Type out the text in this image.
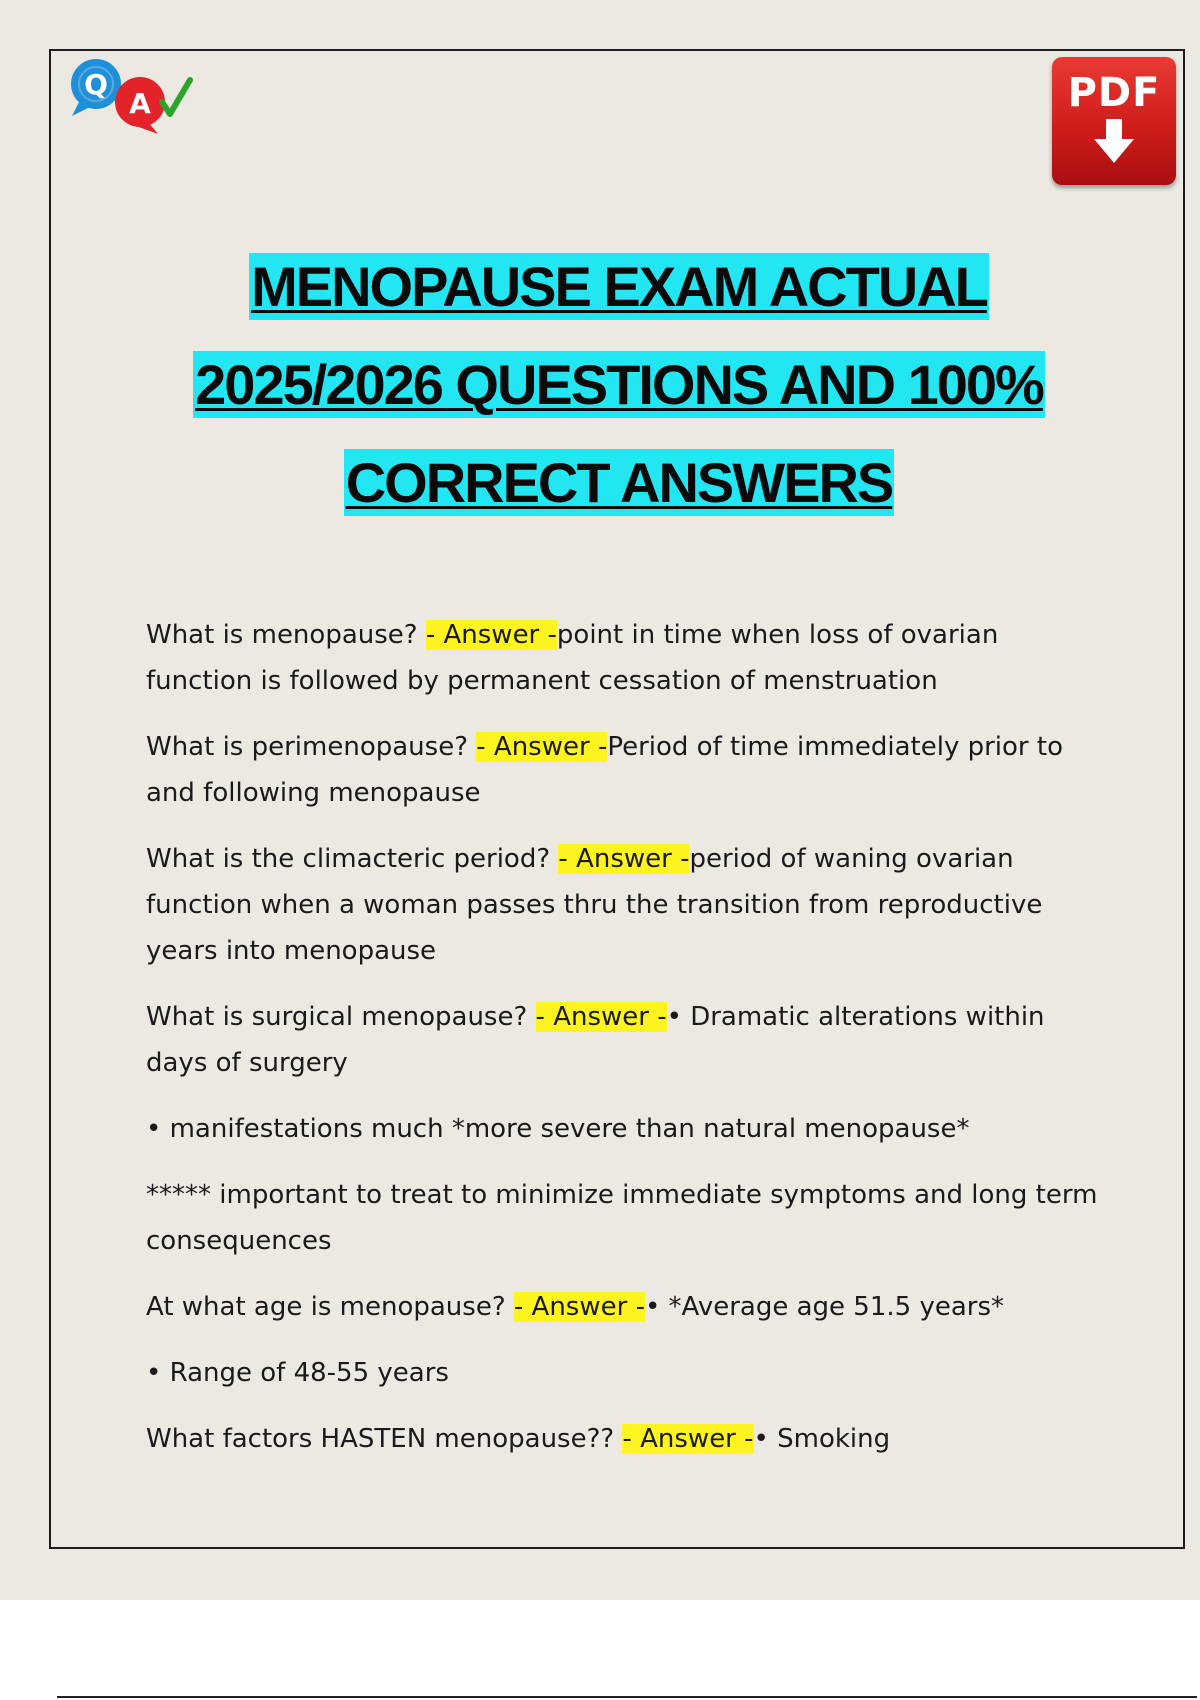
Q
A	PDF
MENOPAUSE EXAM ACTUAL
2025/2026 QUESTIONS AND 100%
CORRECT ANSWERS
What is menopause? - Answer -point in time when loss of ovarian function is followed by permanent cessation of menstruation
What is perimenopause? - Answer -Period of time immediately prior to and following menopause
What is the climacteric period? - Answer -period of waning ovarian function when a woman passes thru the transition from reproductive years into menopause
What is surgical menopause? - Answer -• Dramatic alterations within days of surgery
• manifestations much *more severe than natural menopause*
***** important to treat to minimize immediate symptoms and long term consequences
At what age is menopause? - Answer -• *Average age 51.5 years*
• Range of 48-55 years
What factors HASTEN menopause?? - Answer -• Smoking
